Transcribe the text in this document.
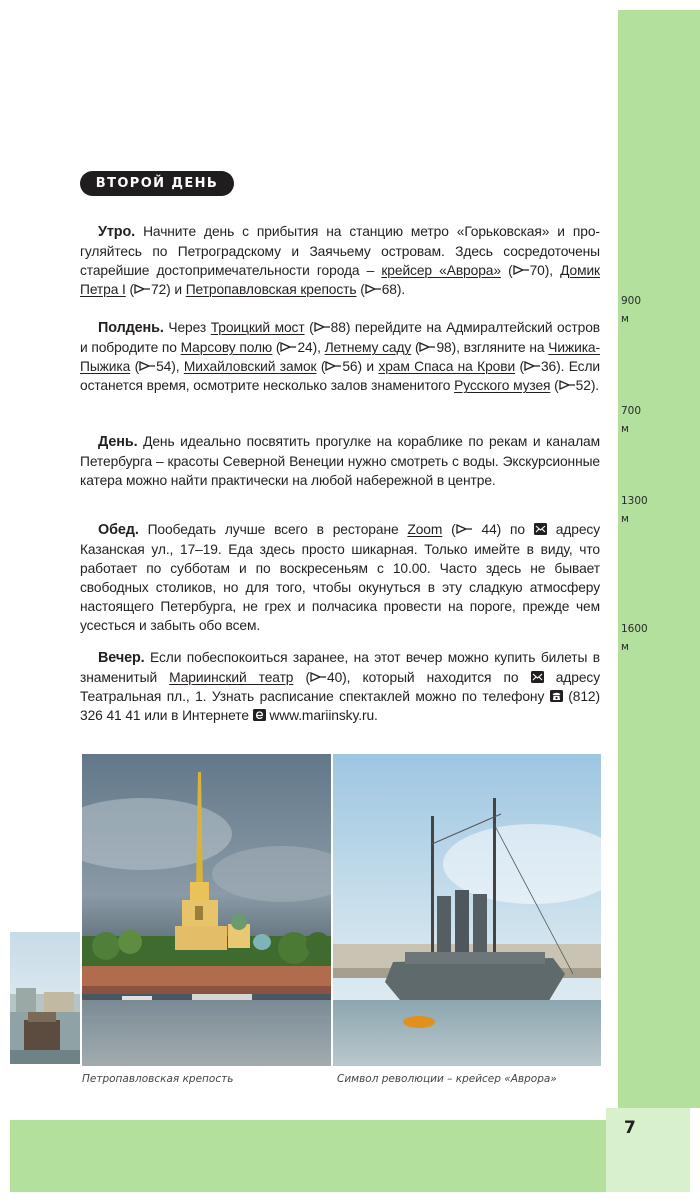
7
ВТОРОЙ ДЕНЬ

Утро. Начните день с прибытия на станцию метро «Горьковская» и прогуляйтесь по Петроградскому и Заячьему островам. Здесь сосредоточены старейшие достопримечательности города – крейсер «Аврора» ( 70), Домик Петра I ( 72) и Петропавловская крепость ( 68).

Полдень. Через Троицкий мост ( 88) перейдите на Адмиралтейский остров и побродите по Марсову полю ( 24), Летнему саду ( 98), взгляните на Чижика-Пыжика ( 54), Михайловский замок ( 56) и храм Спаса на Крови ( 36). Если останется время, осмотрите несколько залов знаменитого Русского музея ( 52).

День. День идеально посвятить прогулке на кораблике по рекам и каналам Петербурга – красоты Северной Венеции нужно смотреть с воды. Экскурсионные катера можно найти практически на любой набережной в центре.

Обед. Пообедать лучше всего в ресторане Zoom ( 44) по  адресу Казанская ул., 17–19. Еда здесь просто шикарная. Только имейте в виду, что работает по субботам и по воскресеньям с 10.00. Часто здесь не бывает свободных столиков, но для того, чтобы окунуться в эту сладкую атмосферу настоящего Петербурга, не грех и полчасика провести на пороге, прежде чем усесться и забыть обо всем.

Вечер. Если побеспокоиться заранее, на этот вечер можно купить билеты в знаменитый Мариинский театр ( 40), который находится по  адресу Театральная пл., 1. Узнать расписание спектаклей можно по телефону  (812) 326 41 41 или в Интернете  www.mariinsky.ru.

900
м
700
м
1300
м
1600
м
Петропавловская крепость	Символ революции – крейсер «Аврора»
